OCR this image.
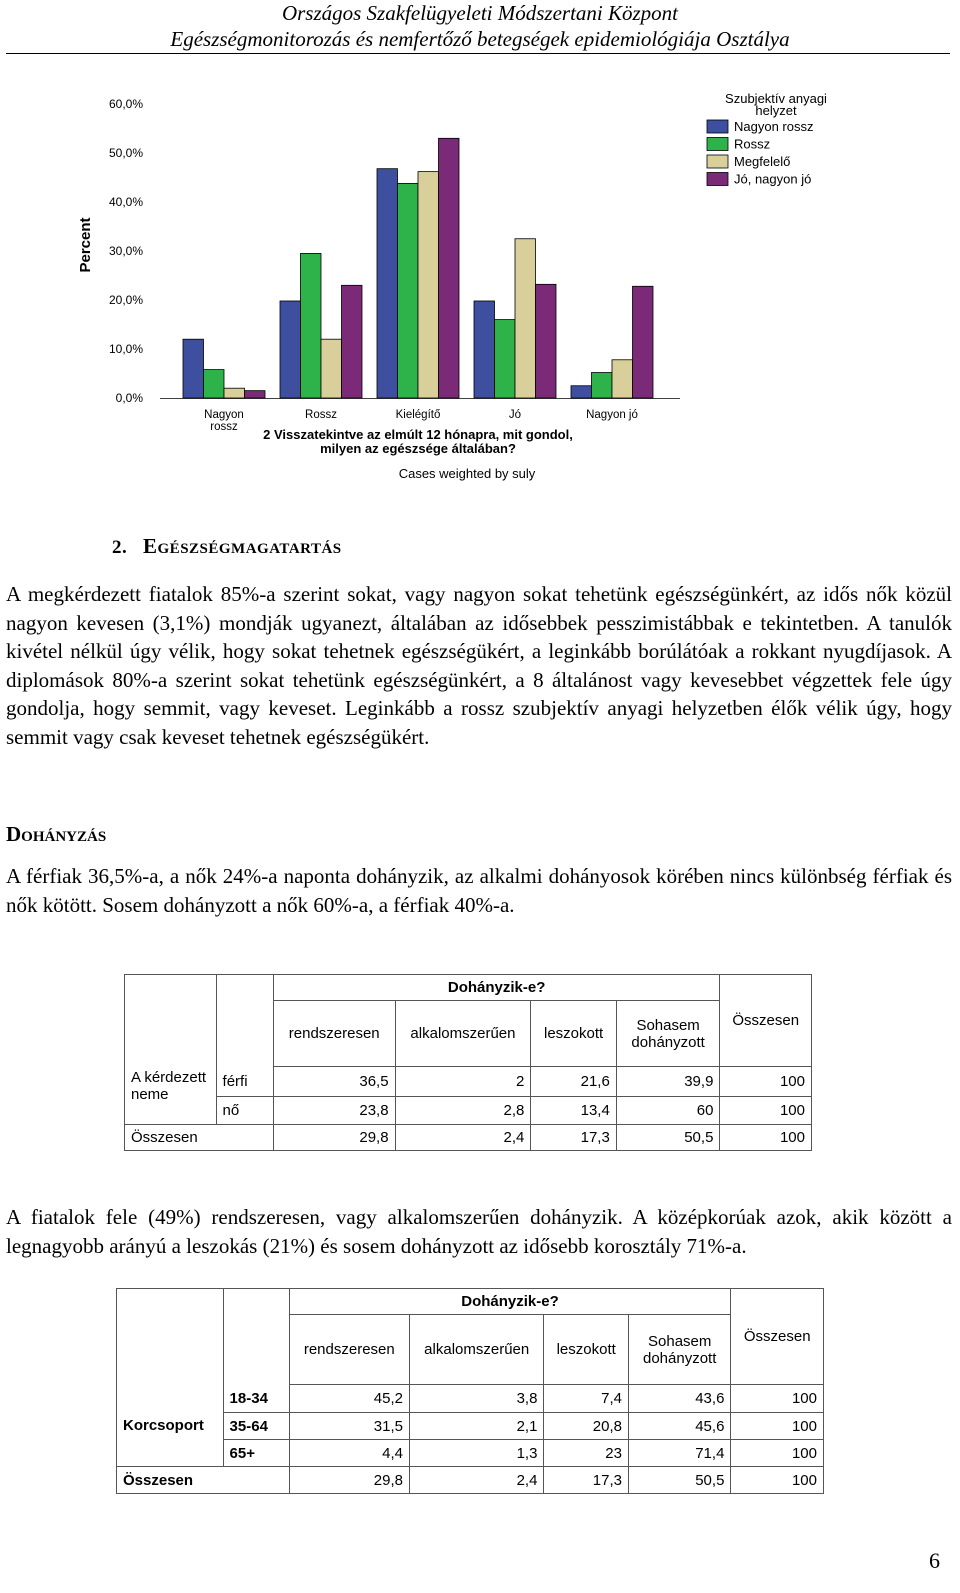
Országos Szakfelügyeleti Módszertani Központ
Egészségmonitorozás és nemfertőző betegségek epidemiológiája Osztálya
0,0%
10,0%
20,0%
30,0%
40,0%
50,0%
60,0%
Percent
Nagyon
rossz
Rossz	Kielégítő	Jó	Nagyon jó
2 Visszatekintve az elmúlt 12 hónapra, mit gondol,
milyen az egészsége általában?
Cases weighted by suly
Szubjektív anyagi
helyzet
Nagyon rossz
Rossz
Megfelelő
Jó, nagyon jó
2. EGÉSZSÉGMAGATARTÁS
A megkérdezett fiatalok 85%-a szerint sokat, vagy nagyon sokat tehetünk egészségünkért, az idős nők közül nagyon kevesen (3,1%) mondják ugyanezt, általában az idősebbek pesszimistábbak e tekintetben. A tanulók kivétel nélkül úgy vélik, hogy sokat tehetnek egészségükért, a leginkább borúlátóak a rokkant nyugdíjasok. A diplomások 80%-a szerint sokat tehetünk egészségünkért, a 8 általánost vagy kevesebbet végzettek fele úgy gondolja, hogy semmit, vagy keveset. Leginkább a rossz szubjektív anyagi helyzetben élők vélik úgy, hogy semmit vagy csak keveset tehetnek egészségükért.
DOHÁNYZÁS
A férfiak 36,5%-a, a nők 24%-a naponta dohányzik, az alkalmi dohányosok körében nincs különbség férfiak és nők kötött. Sosem dohányzott a nők 60%-a, a férfiak 40%-a.
		Dohányzik-e?				Összesen
		rendszeresen	alkalomszerűen	leszokott	Sohasem dohányzott	
A kérdezett neme	férfi	36,5	2	21,6	39,9	100
	nő	23,8	2,8	13,4	60	100
Összesen		29,8	2,4	17,3	50,5	100
A fiatalok fele (49%) rendszeresen, vagy alkalomszerűen dohányzik. A középkorúak azok, akik között a legnagyobb arányú a leszokás (21%) és sosem dohányzott az idősebb korosztály 71%-a.
		Dohányzik-e?				Összesen
		rendszeresen	alkalomszerűen	leszokott	Sohasem dohányzott	
Korcsoport	18-34	45,2	3,8	7,4	43,6	100
	35-64	31,5	2,1	20,8	45,6	100
	65+	4,4	1,3	23	71,4	100
Összesen		29,8	2,4	17,3	50,5	100
6
